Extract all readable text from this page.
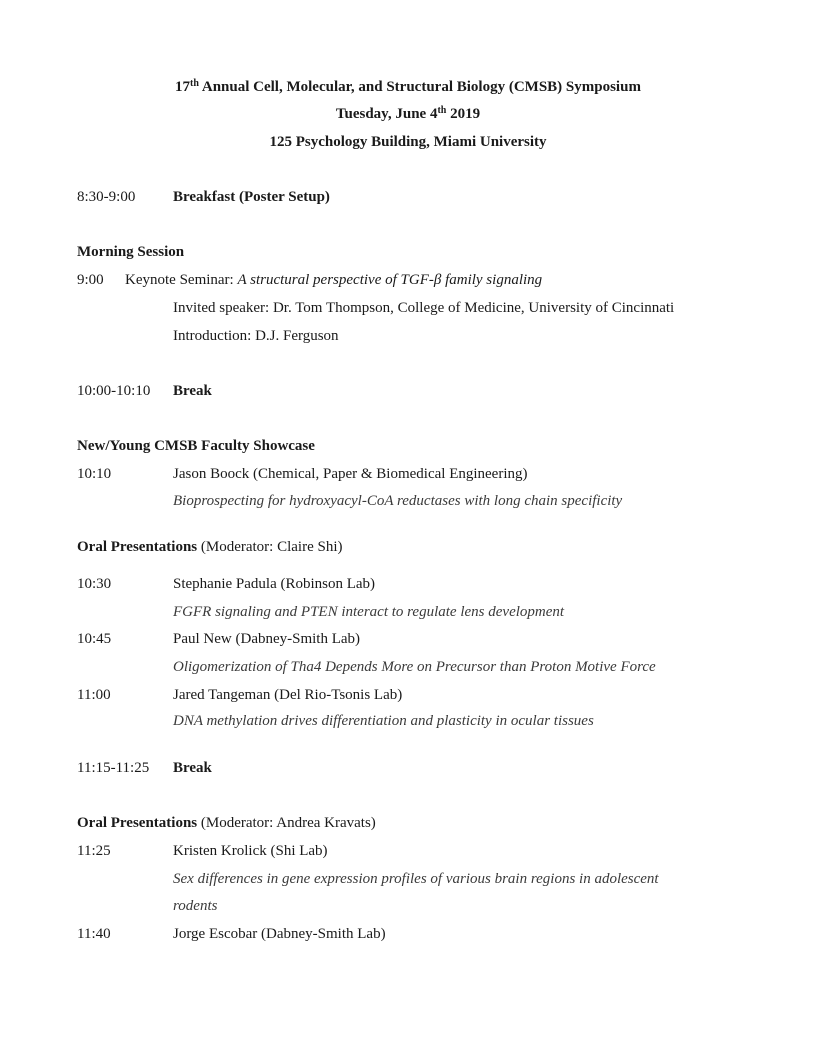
17th Annual Cell, Molecular, and Structural Biology (CMSB) Symposium
Tuesday, June 4th 2019
125 Psychology Building, Miami University
8:30-9:00	Breakfast (Poster Setup)
Morning Session
9:00 Keynote Seminar: A structural perspective of TGF-β family signaling
Invited speaker: Dr. Tom Thompson, College of Medicine, University of Cincinnati
Introduction: D.J. Ferguson
10:00-10:10 Break
New/Young CMSB Faculty Showcase
10:10	Jason Boock (Chemical, Paper & Biomedical Engineering)
Bioprospecting for hydroxyacyl-CoA reductases with long chain specificity
Oral Presentations (Moderator: Claire Shi)
10:30	Stephanie Padula (Robinson Lab)
FGFR signaling and PTEN interact to regulate lens development
10:45	Paul New (Dabney-Smith Lab)
Oligomerization of Tha4 Depends More on Precursor than Proton Motive Force
11:00	Jared Tangeman (Del Rio-Tsonis Lab)
DNA methylation drives differentiation and plasticity in ocular tissues
11:15-11:25 Break
Oral Presentations (Moderator: Andrea Kravats)
11:25	Kristen Krolick (Shi Lab)
Sex differences in gene expression profiles of various brain regions in adolescent
rodents
11:40	Jorge Escobar (Dabney-Smith Lab)
